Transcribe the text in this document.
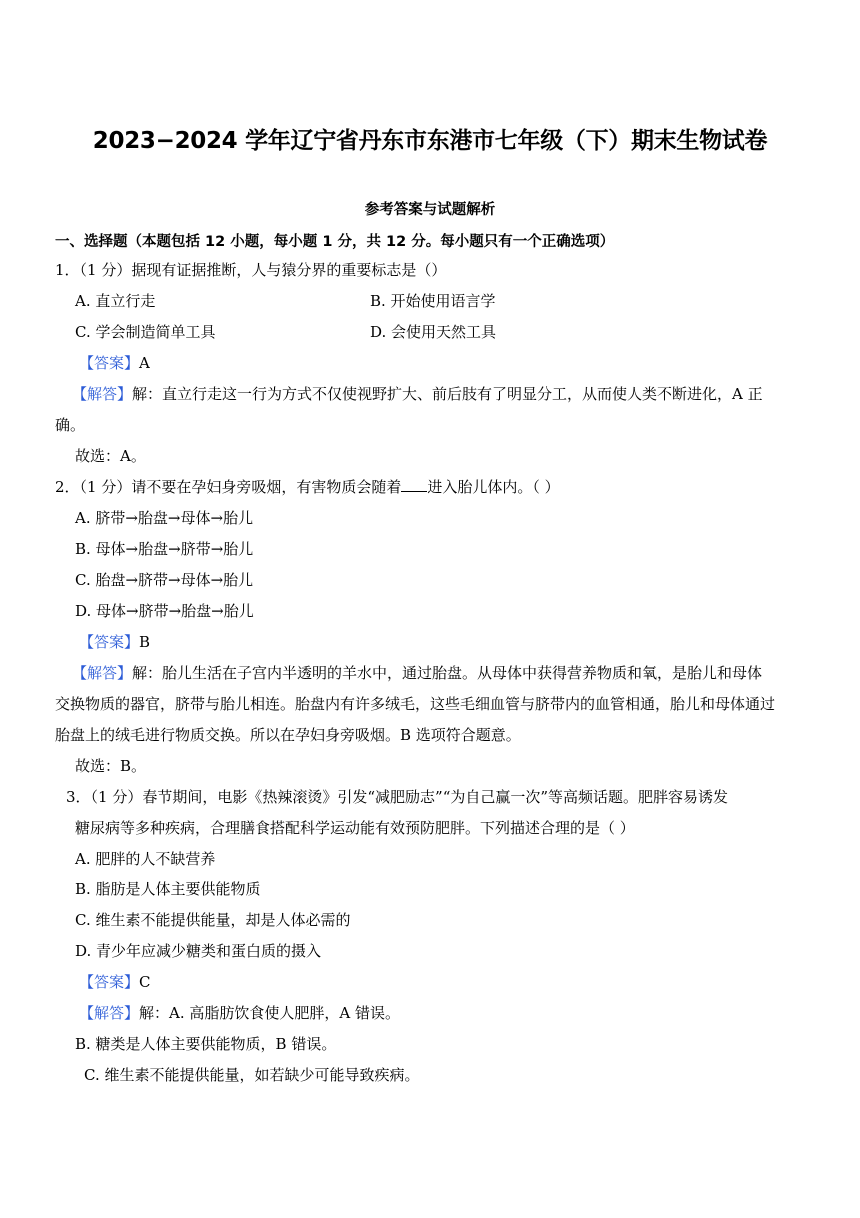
2023−2024 学年辽宁省丹东市东港市七年级（下）期末生物试卷
参考答案与试题解析
一、选择题（本题包括 12 小题，每小题 1 分，共 12 分。每小题只有一个正确选项）
1．（1 分）据现有证据推断，人与猿分界的重要标志是（）
A. 直立行走	B. 开始使用语言学
C. 学会制造简单工具	D. 会使用天然工具
【答案】A
【解答】解：直立行走这一行为方式不仅使视野扩大、前后肢有了明显分工，从而使人类不断进化，A 正
确。
故选：A。
2．（1 分）请不要在孕妇身旁吸烟，有害物质会随着 进入胎儿体内。（ ）
A. 脐带→胎盘→母体→胎儿
B. 母体→胎盘→脐带→胎儿
C. 胎盘→脐带→母体→胎儿
D. 母体→脐带→胎盘→胎儿
【答案】B
【解答】解：胎儿生活在子宫内半透明的羊水中，通过胎盘。从母体中获得营养物质和氧，是胎儿和母体
交换物质的器官，脐带与胎儿相连。胎盘内有许多绒毛，这些毛细血管与脐带内的血管相通，胎儿和母体通过
胎盘上的绒毛进行物质交换。所以在孕妇身旁吸烟。B 选项符合题意。
故选：B。
3．（1 分）春节期间，电影《热辣滚烫》引发“减肥励志”“为自己赢一次”等高频话题。肥胖容易诱发
糖尿病等多种疾病，合理膳食搭配科学运动能有效预防肥胖。下列描述合理的是（ ）
A. 肥胖的人不缺营养
B. 脂肪是人体主要供能物质
C. 维生素不能提供能量，却是人体必需的
D. 青少年应减少糖类和蛋白质的摄入
【答案】C
【解答】解：A. 高脂肪饮食使人肥胖，A 错误。
B. 糖类是人体主要供能物质，B 错误。
C. 维生素不能提供能量，如若缺少可能导致疾病。
